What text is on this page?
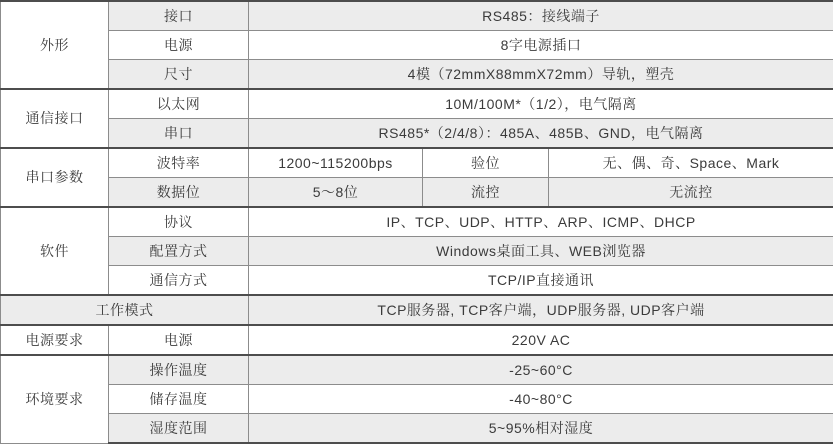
外形	接口	RS485：接线端子		
	电源	8字电源插口		
	尺寸	4模（72mmX88mmX72mm）导轨，塑壳		
通信接口	以太网	10M/100M*（1/2），电气隔离		
	串口	RS485*（2/4/8）：485A、485B、GND，电气隔离		
串口参数	波特率	1200~115200bps	验位	无、偶、奇、Space、Mark
	数据位	5～8位	流控	无流控
软件	协议	IP、TCP、UDP、HTTP、ARP、ICMP、DHCP		
	配置方式	Windows桌面工具、WEB浏览器		
	通信方式	TCP/IP直接通讯		
工作模式		TCP服务器, TCP客户端，UDP服务器, UDP客户端		
电源要求	电源	220V AC		
环境要求	操作温度	-25~60°C		
	储存温度	-40~80°C		
	湿度范围	5~95%相对湿度		
